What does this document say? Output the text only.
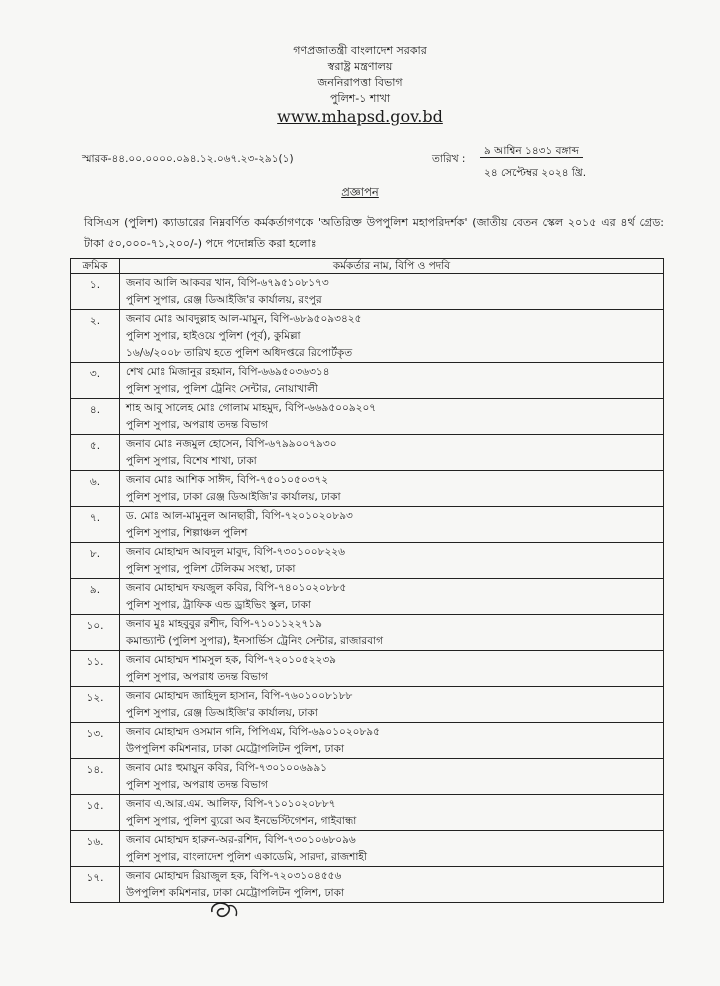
গণপ্রজাতন্ত্রী বাংলাদেশ সরকার
স্বরাষ্ট্র মন্ত্রণালয়
জননিরাপত্তা বিভাগ
পুলিশ-১ শাখা
www.mhapsd.gov.bd
স্মারক-৪৪.০০.০০০০.০৯৪.১২.০৬৭.২৩-২৯১(১)	তারিখ :
৯ আশ্বিন ১৪৩১ বঙ্গাব্দ
২৪ সেপ্টেম্বর ২০২৪ খ্রি.
প্রজ্ঞাপন
বিসিএস (পুলিশ) ক্যাডারের নিম্নবর্ণিত কর্মকর্তাগণকে 'অতিরিক্ত উপপুলিশ মহাপরিদর্শক' (জাতীয় বেতন স্কেল ২০১৫ এর ৪র্থ গ্রেড: টাকা ৫০,০০০-৭১,২০০/-) পদে পদোন্নতি করা হলোঃ
ক্রমিক	কর্মকর্তার নাম, বিপি ও পদবি
১.	জনাব আলি আকবর খান, বিপি-৬৭৯৫১০৮১৭৩
পুলিশ সুপার, রেঞ্জ ডিআইজি'র কার্যালয়, রংপুর

২.	জনাব মোঃ আবদুল্লাহ আল-মামুন, বিপি-৬৮৯৫০৯৩৪২৫
পুলিশ সুপার, হাইওয়ে পুলিশ (পূর্ব), কুমিল্লা
১৬/৬/২০০৮ তারিখ হতে পুলিশ অধিদপ্তরে রিপোর্টকৃত

৩.	শেখ মোঃ মিজানুর রহমান, বিপি-৬৬৯৫০৩৬৩১৪
পুলিশ সুপার, পুলিশ ট্রেনিং সেন্টার, নোয়াখালী

৪.	শাহ আবু সালেহ মোঃ গোলাম মাহমুদ, বিপি-৬৬৯৫০০৯২০৭
পুলিশ সুপার, অপরাধ তদন্ত বিভাগ

৫.	জনাব মোঃ নজমুল হোসেন, বিপি-৬৭৯৯০০৭৯৩০
পুলিশ সুপার, বিশেষ শাখা, ঢাকা

৬.	জনাব মোঃ আশিক সাঈদ, বিপি-৭৫০১০৫০৩৭২
পুলিশ সুপার, ঢাকা রেঞ্জ ডিআইজি'র কার্যালয়, ঢাকা

৭.	ড. মোঃ আল-মামুনুল আনছারী, বিপি-৭২০১০২০৮৯৩
পুলিশ সুপার, শিল্পাঞ্চল পুলিশ

৮.	জনাব মোহাম্মদ আবদুল মাবুদ, বিপি-৭৩০১০০৮২২৬
পুলিশ সুপার, পুলিশ টেলিকম সংস্থা, ঢাকা

৯.	জনাব মোহাম্মদ ফয়জুল কবির, বিপি-৭৪০১০২০৮৮৫
পুলিশ সুপার, ট্রাফিক এন্ড ড্রাইভিং স্কুল, ঢাকা

১০.	জনাব মুঃ মাহবুবুর রশীদ, বিপি-৭১০১১২২৭১৯
কমান্ড্যান্ট (পুলিশ সুপার), ইনসার্ভিস ট্রেনিং সেন্টার, রাজারবাগ

১১.	জনাব মোহাম্মদ শামসুল হক, বিপি-৭২০১০৫২২৩৯
পুলিশ সুপার, অপরাধ তদন্ত বিভাগ

১২.	জনাব মোহাম্মদ জাহিদুল হাসান, বিপি-৭৬০১০০৮১৮৮
পুলিশ সুপার, রেঞ্জ ডিআইজি'র কার্যালয়, ঢাকা

১৩.	জনাব মোহাম্মদ ওসমান গনি, পিপিএম, বিপি-৬৯০১০২০৮৯৫
উপপুলিশ কমিশনার, ঢাকা মেট্রোপলিটন পুলিশ, ঢাকা

১৪.	জনাব মোঃ হুমায়ুন কবির, বিপি-৭৩০১০০৬৯৯১
পুলিশ সুপার, অপরাধ তদন্ত বিভাগ

১৫.	জনাব এ.আর.এম. আলিফ, বিপি-৭১০১০২০৮৮৭
পুলিশ সুপার, পুলিশ ব্যুরো অব ইনভেস্টিগেশন, গাইবান্ধা

১৬.	জনাব মোহাম্মদ হারুন-অর-রশিদ, বিপি-৭৩০১০৬৮০৯৬
পুলিশ সুপার, বাংলাদেশ পুলিশ একাডেমি, সারদা, রাজশাহী

১৭.	জনাব মোহাম্মদ রিয়াজুল হক, বিপি-৭২০৩১০৪৫৫৬
উপপুলিশ কমিশনার, ঢাকা মেট্রোপলিটন পুলিশ, ঢাকা
